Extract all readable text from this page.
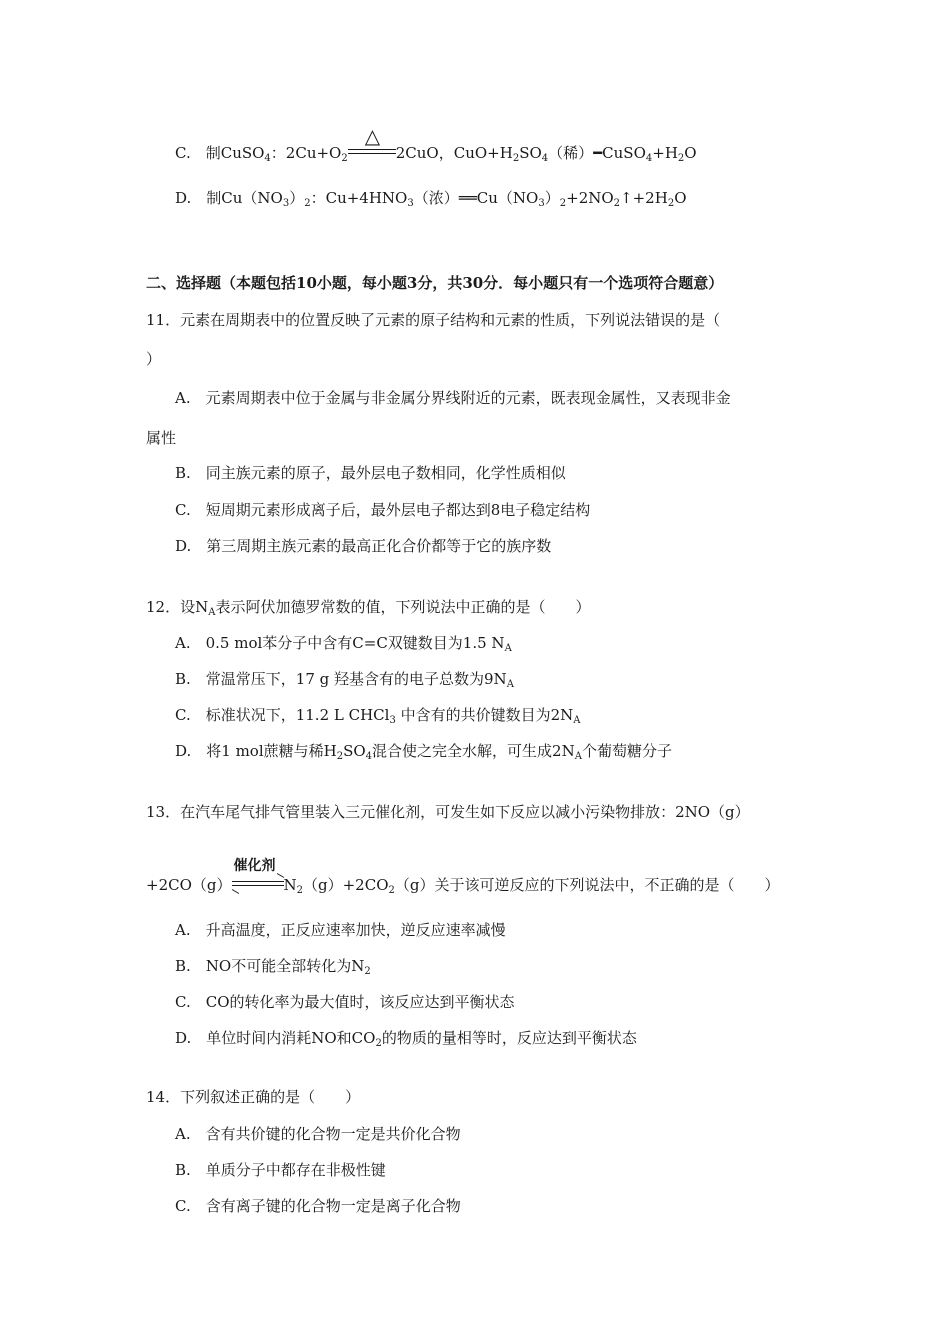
C.　制CuSO$_4$：$2Cu+O_2$
△
2CuO，$CuO+H_2SO_4$（稀）$━CuSO_4+H_2O$
D.　制$Cu(NO_3)_2$：$Cu+4HNO_3$（浓）$══Cu(NO_3)_2+2NO_2↑+2H_2O$
二、选择题（本题包括10小题，每小题3分，共30分．每小题只有一个选项符合题意）
11．元素在周期表中的位置反映了元素的原子结构和元素的性质，下列说法错误的是（
）
A.　元素周期表中位于金属与非金属分界线附近的元素，既表现金属性，又表现非金
属性
B.　同主族元素的原子，最外层电子数相同，化学性质相似
C.　短周期元素形成离子后，最外层电子都达到8电子稳定结构
D.　第三周期主族元素的最高正化合价都等于它的族序数
12．设$N_A$表示阿伏加德罗常数的值，下列说法中正确的是（　　）
A.　0.5 mol苯分子中含有C=C双键数目为1.5 $N_A$
B.　常温常压下，17 g 羟基含有的电子总数为$9N_A$
C.　标准状况下，11.2 L CHCl$_3$ 中含有的共价键数目为$2N_A$
D.　将1 mol蔗糖与稀$H_2SO_4$混合使之完全水解，可生成$2N_A$个葡萄糖分子
13．在汽车尾气排气管里装入三元催化剂，可发生如下反应以减小污染物排放：2NO（g）
+2CO（g）
催化剂
$N_2(g)+2CO_2(g)$关于该可逆反应的下列说法中，不正确的是（　　）
A.　升高温度，正反应速率加快，逆反应速率减慢
B.　NO不可能全部转化为$N_2$
C.　CO的转化率为最大值时，该反应达到平衡状态
D.　单位时间内消耗NO和$CO_2$的物质的量相等时，反应达到平衡状态
14．下列叙述正确的是（　　）
A.　含有共价键的化合物一定是共价化合物
B.　单质分子中都存在非极性键
C.　含有离子键的化合物一定是离子化合物
